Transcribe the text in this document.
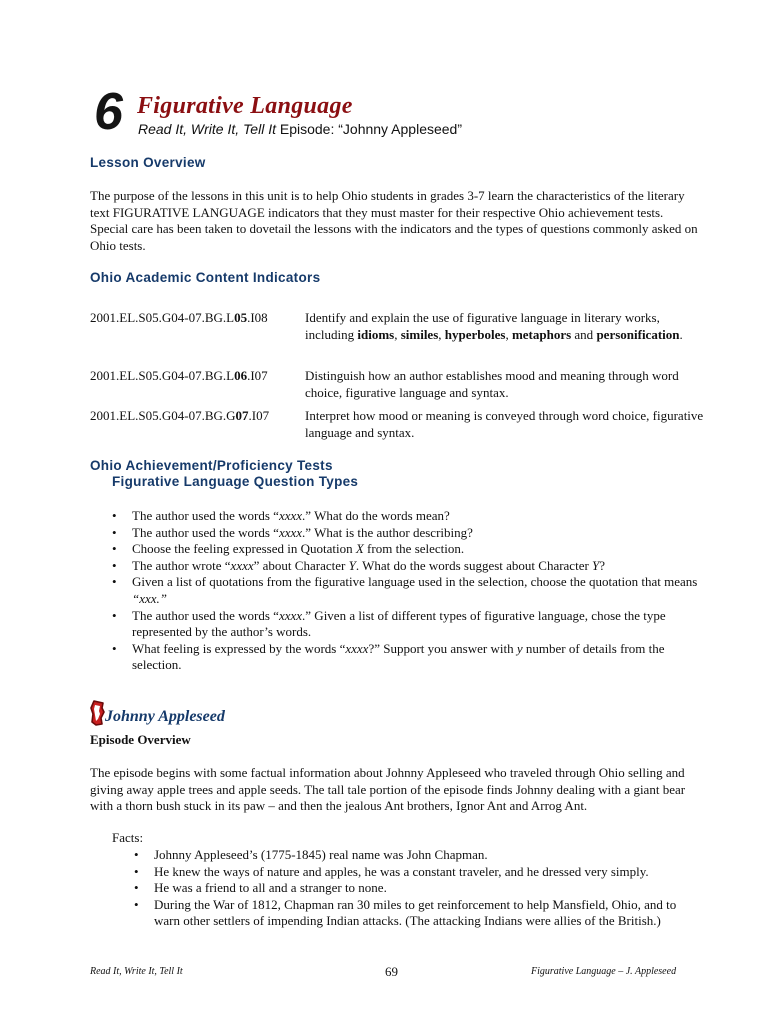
6 Figurative Language
Read It, Write It, Tell It Episode: “Johnny Appleseed”
Lesson Overview
The purpose of the lessons in this unit is to help Ohio students in grades 3-7 learn the characteristics of the literary text FIGURATIVE LANGUAGE indicators that they must master for their respective Ohio achievement tests. Special care has been taken to dovetail the lessons with the indicators and the types of questions commonly asked on Ohio tests.
Ohio Academic Content Indicators
2001.EL.S05.G04-07.BG.L05.I08	Identify and explain the use of figurative language in literary works, including idioms, similes, hyperboles, metaphors and personification.
2001.EL.S05.G04-07.BG.L06.I07	Distinguish how an author establishes mood and meaning through word choice, figurative language and syntax.
2001.EL.S05.G04-07.BG.G07.I07	Interpret how mood or meaning is conveyed through word choice, figurative language and syntax.
Ohio Achievement/Proficiency Tests
Figurative Language Question Types
• The author used the words “xxxx.” What do the words mean?
• The author used the words “xxxx.” What is the author describing?
• Choose the feeling expressed in Quotation X from the selection.
• The author wrote “xxxx” about Character Y. What do the words suggest about Character Y?
• Given a list of quotations from the figurative language used in the selection, choose the quotation that means “xxx.”
• The author used the words “xxxx.” Given a list of different types of figurative language, chose the type represented by the author’s words.
• What feeling is expressed by the words “xxxx?” Support you answer with y number of details from the selection.
Johnny Appleseed
Episode Overview
The episode begins with some factual information about Johnny Appleseed who traveled through Ohio selling and giving away apple trees and apple seeds. The tall tale portion of the episode finds Johnny dealing with a giant bear with a thorn bush stuck in its paw – and then the jealous Ant brothers, Ignor Ant and Arrog Ant.
Facts:
• Johnny Appleseed’s (1775-1845) real name was John Chapman.
• He knew the ways of nature and apples, he was a constant traveler, and he dressed very simply.
• He was a friend to all and a stranger to none.
• During the War of 1812, Chapman ran 30 miles to get reinforcement to help Mansfield, Ohio, and to warn other settlers of impending Indian attacks. (The attacking Indians were allies of the British.)
Read It, Write It, Tell It	69	Figurative Language – J. Appleseed
